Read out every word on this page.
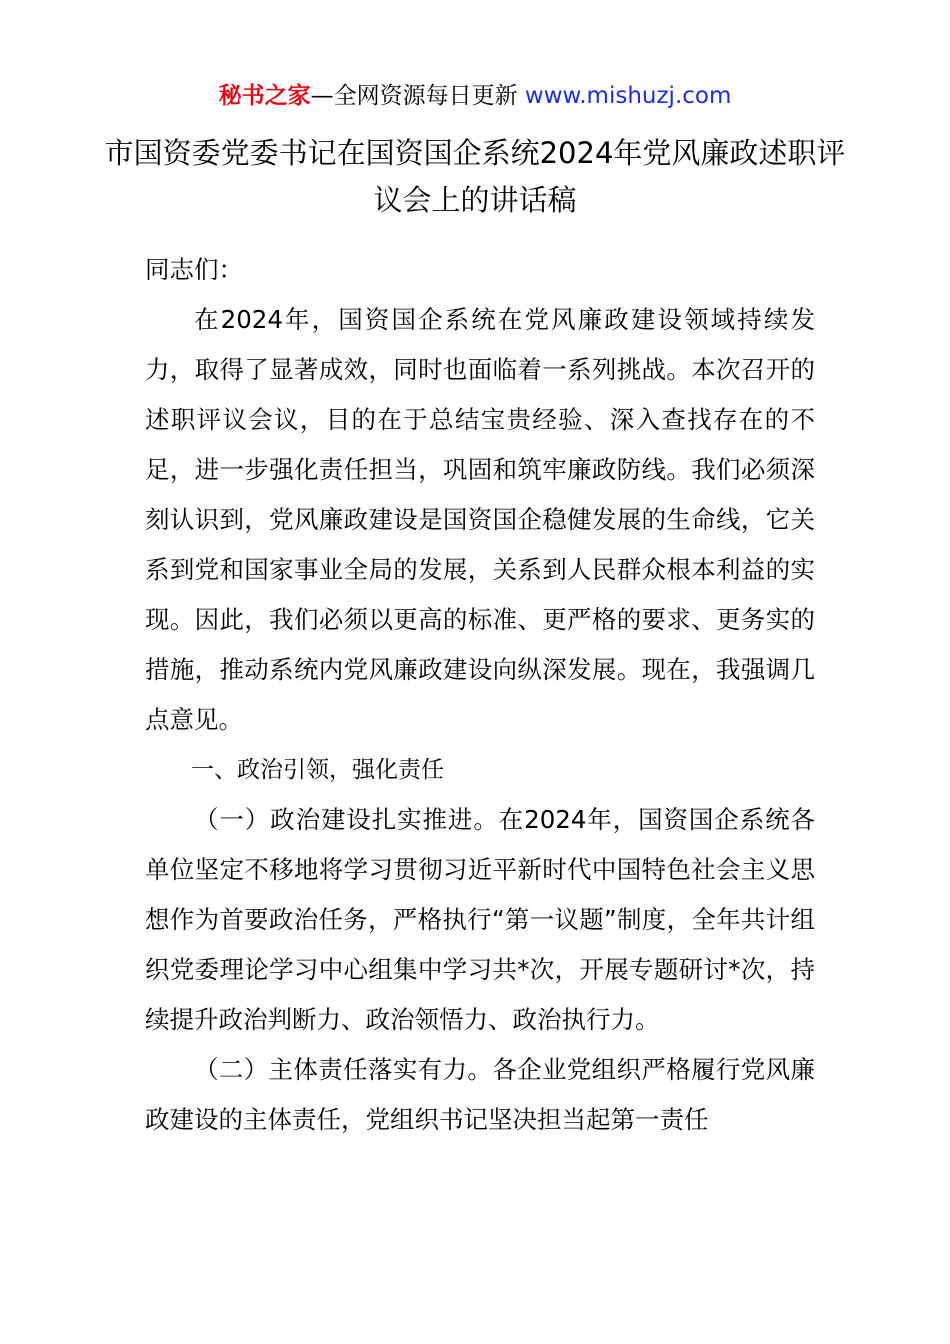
秘书之家—全网资源每日更新 www.mishuzj.com
市国资委党委书记在国资国企系统2024年党风廉政述职评议会上的讲话稿

同志们：

在2024年，国资国企系统在党风廉政建设领域持续发力，取得了显著成效，同时也面临着一系列挑战。本次召开的述职评议会议，目的在于总结宝贵经验、深入查找存在的不足，进一步强化责任担当，巩固和筑牢廉政防线。我们必须深刻认识到，党风廉政建设是国资国企稳健发展的生命线，它关系到党和国家事业全局的发展，关系到人民群众根本利益的实现。因此，我们必须以更高的标准、更严格的要求、更务实的措施，推动系统内党风廉政建设向纵深发展。现在，我强调几点意见。

一、政治引领，强化责任

（一）政治建设扎实推进。在2024年，国资国企系统各单位坚定不移地将学习贯彻习近平新时代中国特色社会主义思想作为首要政治任务，严格执行“第一议题”制度，全年共计组织党委理论学习中心组集中学习共*次，开展专题研讨*次，持续提升政治判断力、政治领悟力、政治执行力。

（二）主体责任落实有力。各企业党组织严格履行党风廉政建设的主体责任，党组织书记坚决担当起第一责任
